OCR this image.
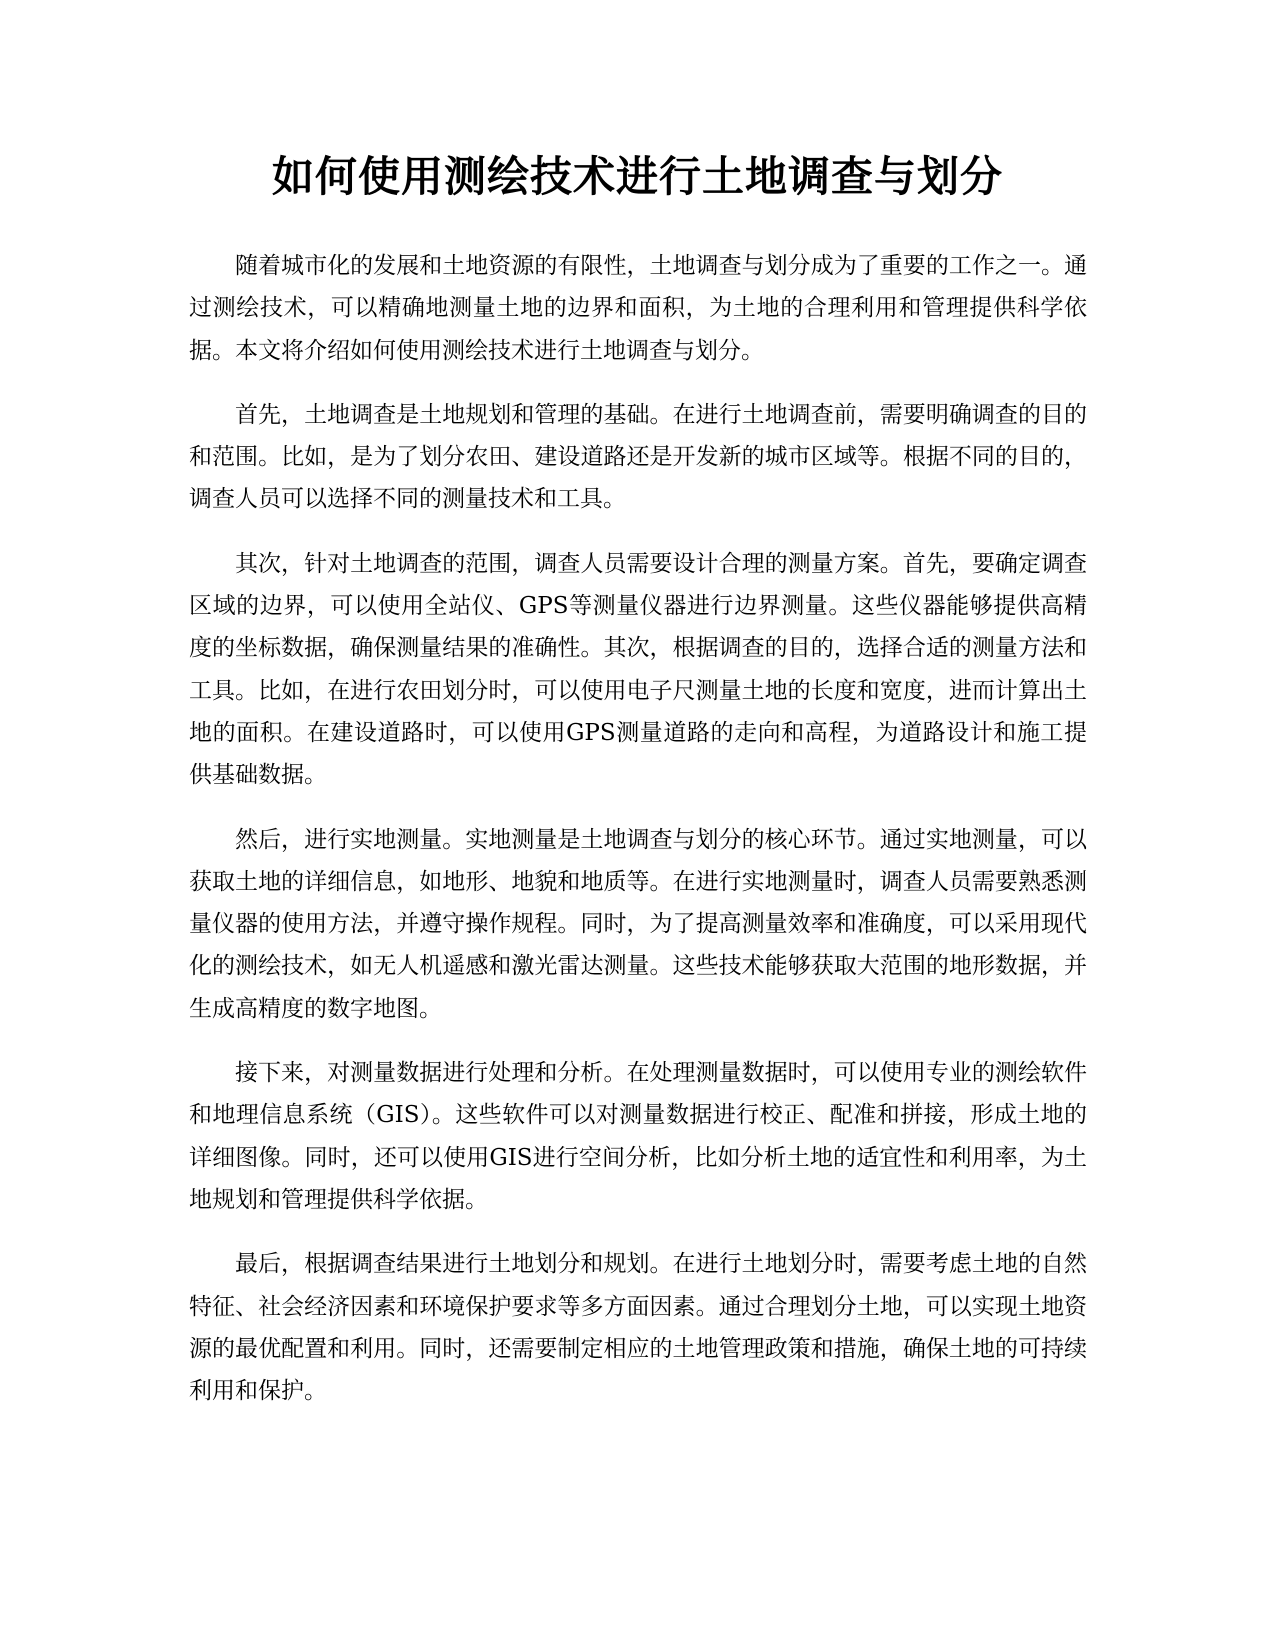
如何使用测绘技术进行土地调查与划分

随着城市化的发展和土地资源的有限性，土地调查与划分成为了重要的工作之一。通过测绘技术，可以精确地测量土地的边界和面积，为土地的合理利用和管理提供科学依据。本文将介绍如何使用测绘技术进行土地调查与划分。

首先，土地调查是土地规划和管理的基础。在进行土地调查前，需要明确调查的目的和范围。比如，是为了划分农田、建设道路还是开发新的城市区域等。根据不同的目的，调查人员可以选择不同的测量技术和工具。

其次，针对土地调查的范围，调查人员需要设计合理的测量方案。首先，要确定调查区域的边界，可以使用全站仪、GPS等测量仪器进行边界测量。这些仪器能够提供高精度的坐标数据，确保测量结果的准确性。其次，根据调查的目的，选择合适的测量方法和工具。比如，在进行农田划分时，可以使用电子尺测量土地的长度和宽度，进而计算出土地的面积。在建设道路时，可以使用GPS测量道路的走向和高程，为道路设计和施工提供基础数据。

然后，进行实地测量。实地测量是土地调查与划分的核心环节。通过实地测量，可以获取土地的详细信息，如地形、地貌和地质等。在进行实地测量时，调查人员需要熟悉测量仪器的使用方法，并遵守操作规程。同时，为了提高测量效率和准确度，可以采用现代化的测绘技术，如无人机遥感和激光雷达测量。这些技术能够获取大范围的地形数据，并生成高精度的数字地图。

接下来，对测量数据进行处理和分析。在处理测量数据时，可以使用专业的测绘软件和地理信息系统（GIS）。这些软件可以对测量数据进行校正、配准和拼接，形成土地的详细图像。同时，还可以使用GIS进行空间分析，比如分析土地的适宜性和利用率，为土地规划和管理提供科学依据。

最后，根据调查结果进行土地划分和规划。在进行土地划分时，需要考虑土地的自然特征、社会经济因素和环境保护要求等多方面因素。通过合理划分土地，可以实现土地资源的最优配置和利用。同时，还需要制定相应的土地管理政策和措施，确保土地的可持续利用和保护。
